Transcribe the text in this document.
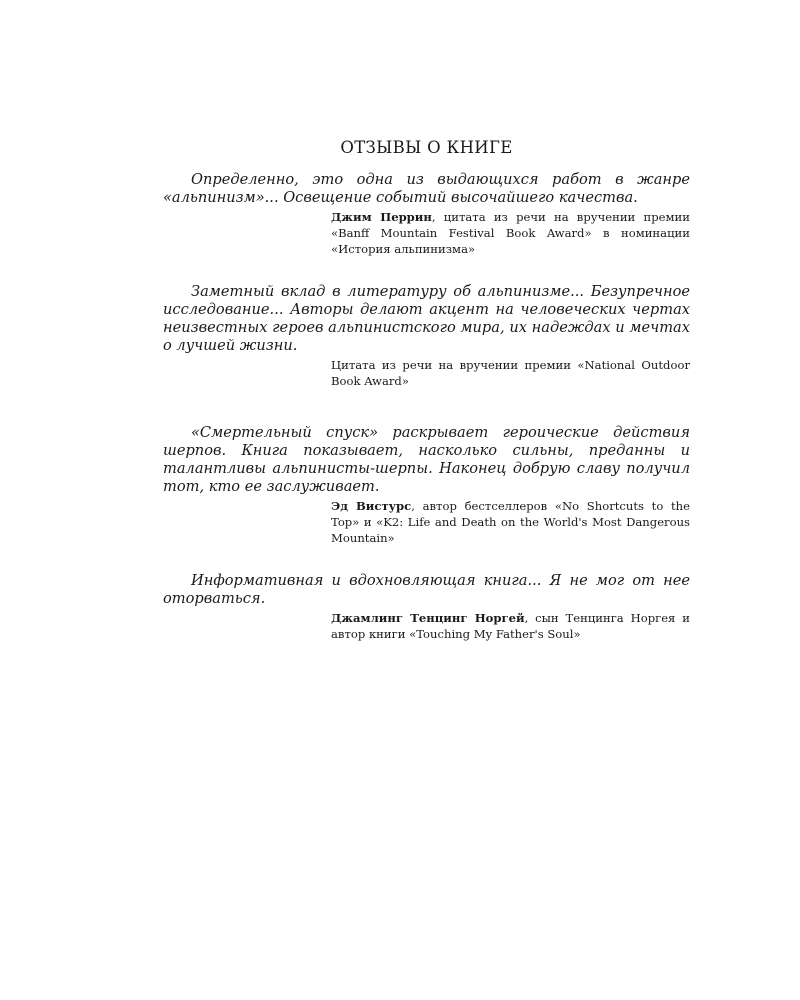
ОТЗЫВЫ О КНИГЕ

Определенно, это одна из выдающихся работ в жанре «альпинизм»... Освещение событий высочайшего качества.

Джим Перрин, цитата из речи на вручении премии «Banff Mountain Festival Book Award» в номинации «История альпинизма»

Заметный вклад в литературу об альпинизме... Безупречное исследование... Авторы делают акцент на человеческих чертах неизвестных героев альпинистского мира, их надеждах и мечтах о лучшей жизни.

Цитата из речи на вручении премии «National Outdoor Book Award»

«Смертельный спуск» раскрывает героические действия шерпов. Книга показывает, насколько сильны, преданны и талантливы альпинисты-шерпы. Наконец добрую славу получил тот, кто ее заслуживает.

Эд Вистурс, автор бестселлеров «No Shortcuts to the Top» и «K2: Life and Death on the World's Most Dangerous Mountain»

Информативная и вдохновляющая книга... Я не мог от нее оторваться.

Джамлинг Тенцинг Норгей, сын Тенцинга Норгея и автор книги «Touching My Father's Soul»
